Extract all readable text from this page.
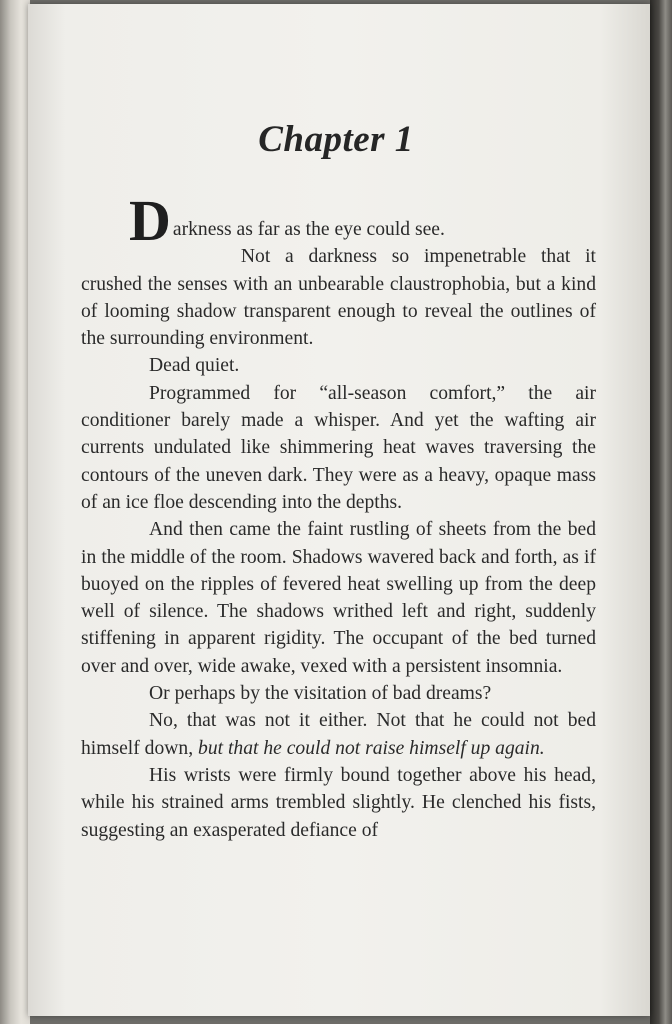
Chapter 1

D arkness as far as the eye could see.

Not a darkness so impenetrable that it crushed the senses with an unbearable claustrophobia, but a kind of looming shadow transparent enough to reveal the outlines of the surrounding environment.

Dead quiet.

Programmed for “all-season comfort,” the air conditioner barely made a whisper. And yet the wafting air currents undulated like shimmering heat waves traversing the contours of the uneven dark. They were as a heavy, opaque mass of an ice floe descending into the depths.

And then came the faint rustling of sheets from the bed in the middle of the room. Shadows wavered back and forth, as if buoyed on the ripples of fevered heat swelling up from the deep well of silence. The shadows writhed left and right, suddenly stiffening in apparent rigidity. The occupant of the bed turned over and over, wide awake, vexed with a persistent insomnia.

Or perhaps by the visitation of bad dreams?

No, that was not it either. Not that he could not bed himself down, but that he could not raise himself up again.

His wrists were firmly bound together above his head, while his strained arms trembled slightly. He clenched his fists, suggesting an exasperated defiance of
